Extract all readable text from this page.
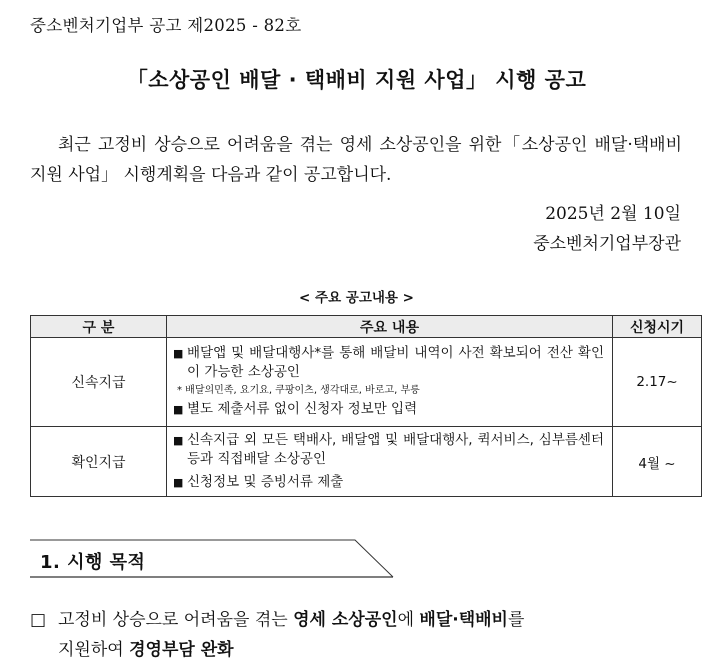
중소벤처기업부 공고 제2025 - 82호
「소상공인 배달 · 택배비 지원 사업」 시행 공고
최근 고정비 상승으로 어려움을 겪는 영세 소상공인을 위한「소상공인 배달·택배비 지원 사업」 시행계획을 다음과 같이 공고합니다.
2025년 2월 10일
중소벤처기업부장관
< 주요 공고내용 >
구 분	주요 내용	신청시기
신속지급	■ 배달앱 및 배달대행사*를 통해 배달비 내역이 사전 확보되어 전산 확인이 가능한 소상공인
* 배달의민족, 요기요, 쿠팡이츠, 생각대로, 바로고, 부릉
■ 별도 제출서류 없이 신청자 정보만 입력	2.17~
확인지급	■ 신속지급 외 모든 택배사, 배달앱 및 배달대행사, 퀵서비스, 심부름센터 등과 직접배달 소상공인
■ 신청정보 및 증빙서류 제출	4월 ~
1. 시행 목적
□ 고정비 상승으로 어려움을 겪는 영세 소상공인에 배달·택배비를
지원하여 경영부담 완화
